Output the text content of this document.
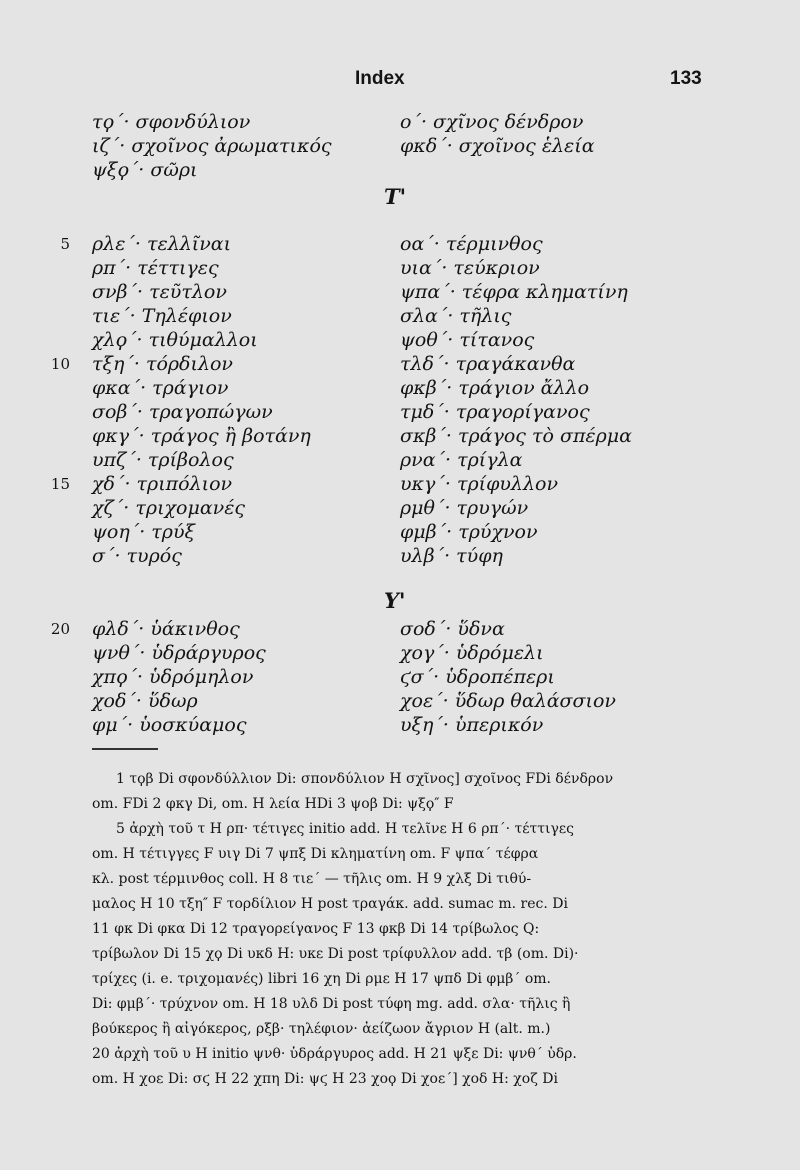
Index	133
τϙ΄· σφονδύλιον
ιζ΄· σχοῖνος ἀρωματικός
ψξϙ΄· σῶρι
5 ρλε΄· τελλῖναι
ρπ΄· τέττιγες
σνβ΄· τεῦτλον
τιε΄· Τηλέφιον
χλϙ΄· τιθύμαλλοι
10 τξη΄· τόρδιλον
φκα΄· τράγιον
σοβ΄· τραγοπώγων
φκγ΄· τράγος ἢ βοτάνη
υπζ΄· τρίβολος
15 χδ΄· τριπόλιον
χζ΄· τριχομανές
ψοη΄· τρύξ
σ΄· τυρός
20 φλδ΄· ὑάκινθος
ψνθ΄· ὑδράργυρος
χπϙ΄· ὑδρόμηλον
χοδ΄· ὕδωρ
φμ΄· ὑοσκύαμος
ο΄· σχῖνος δένδρον
φκδ΄· σχοῖνος ἑλεία
T'
οα΄· τέρμινθος
υια΄· τεύκριον
ψπα΄· τέφρα κληματίνη
σλα΄· τῆλις
ψοθ΄· τίτανος
τλδ΄· τραγάκανθα
φκβ΄· τράγιον ἄλλο
τμδ΄· τραγορίγανος
σκβ΄· τράγος τὸ σπέρμα
ρνα΄· τρίγλα
υκγ΄· τρίφυλλον
ρμθ΄· τρυγών
φμβ΄· τρύχνον
υλβ΄· τύφη
Y'
σοδ΄· ὕδνα
χογ΄· ὑδρόμελι
ϛσ΄· ὑδροπέπερι
χοε΄· ὕδωρ θαλάσσιον
υξη΄· ὑπερικόν
1 τϙβ Di σφονδύλλιον Di: σπονδύλιον H σχῖνος] σχοῖνος FDi δένδρον
om. FDi 2 φκγ Di, om. H λεία HDi 3 ψοβ Di: ψξϙ″ F
5 ἀρχὴ τοῦ τ H ρπ· τέτιγες initio add. H τελῖνε H 6 ρπ΄· τέττιγες
om. H τέτιγγες F υιγ Di 7 ψπξ Di κληματίνη om. F ψπα΄ τέφρα
κλ. post τέρμινθος coll. H 8 τιε΄ — τῆλις om. H 9 χλξ Di τιθύ-
μαλος H 10 τξη″ F τορδίλιον H post τραγάκ. add. sumac m. rec. Di
11 φκ Di φκα Di 12 τραγορείγανος F 13 φκβ Di 14 τρίβωλος Q:
τρίβωλον Di 15 χϙ Di υκδ H: υκε Di post τρίφυλλον add. τβ (om. Di)·
τρίχες (i. e. τριχομανές) libri 16 χη Di ρμε H 17 ψπδ Di φμβ΄ om.
Di: φμβ΄· τρύχνον om. H 18 υλδ Di post τύφη mg. add. σλα· τῆλις ἢ
βούκερος ἢ αἰγόκερος, ρξβ· τηλέφιον· ἀείζωον ἄγριον H (alt. m.)
20 ἀρχὴ τοῦ υ H initio ψνθ· ὑδράργυρος add. H 21 ψξε Di: ψνθ΄ ὑδρ.
om. H χοε Di: σϛ H 22 χπη Di: ψϛ H 23 χοϙ Di χοε΄] χοδ H: χοζ Di
